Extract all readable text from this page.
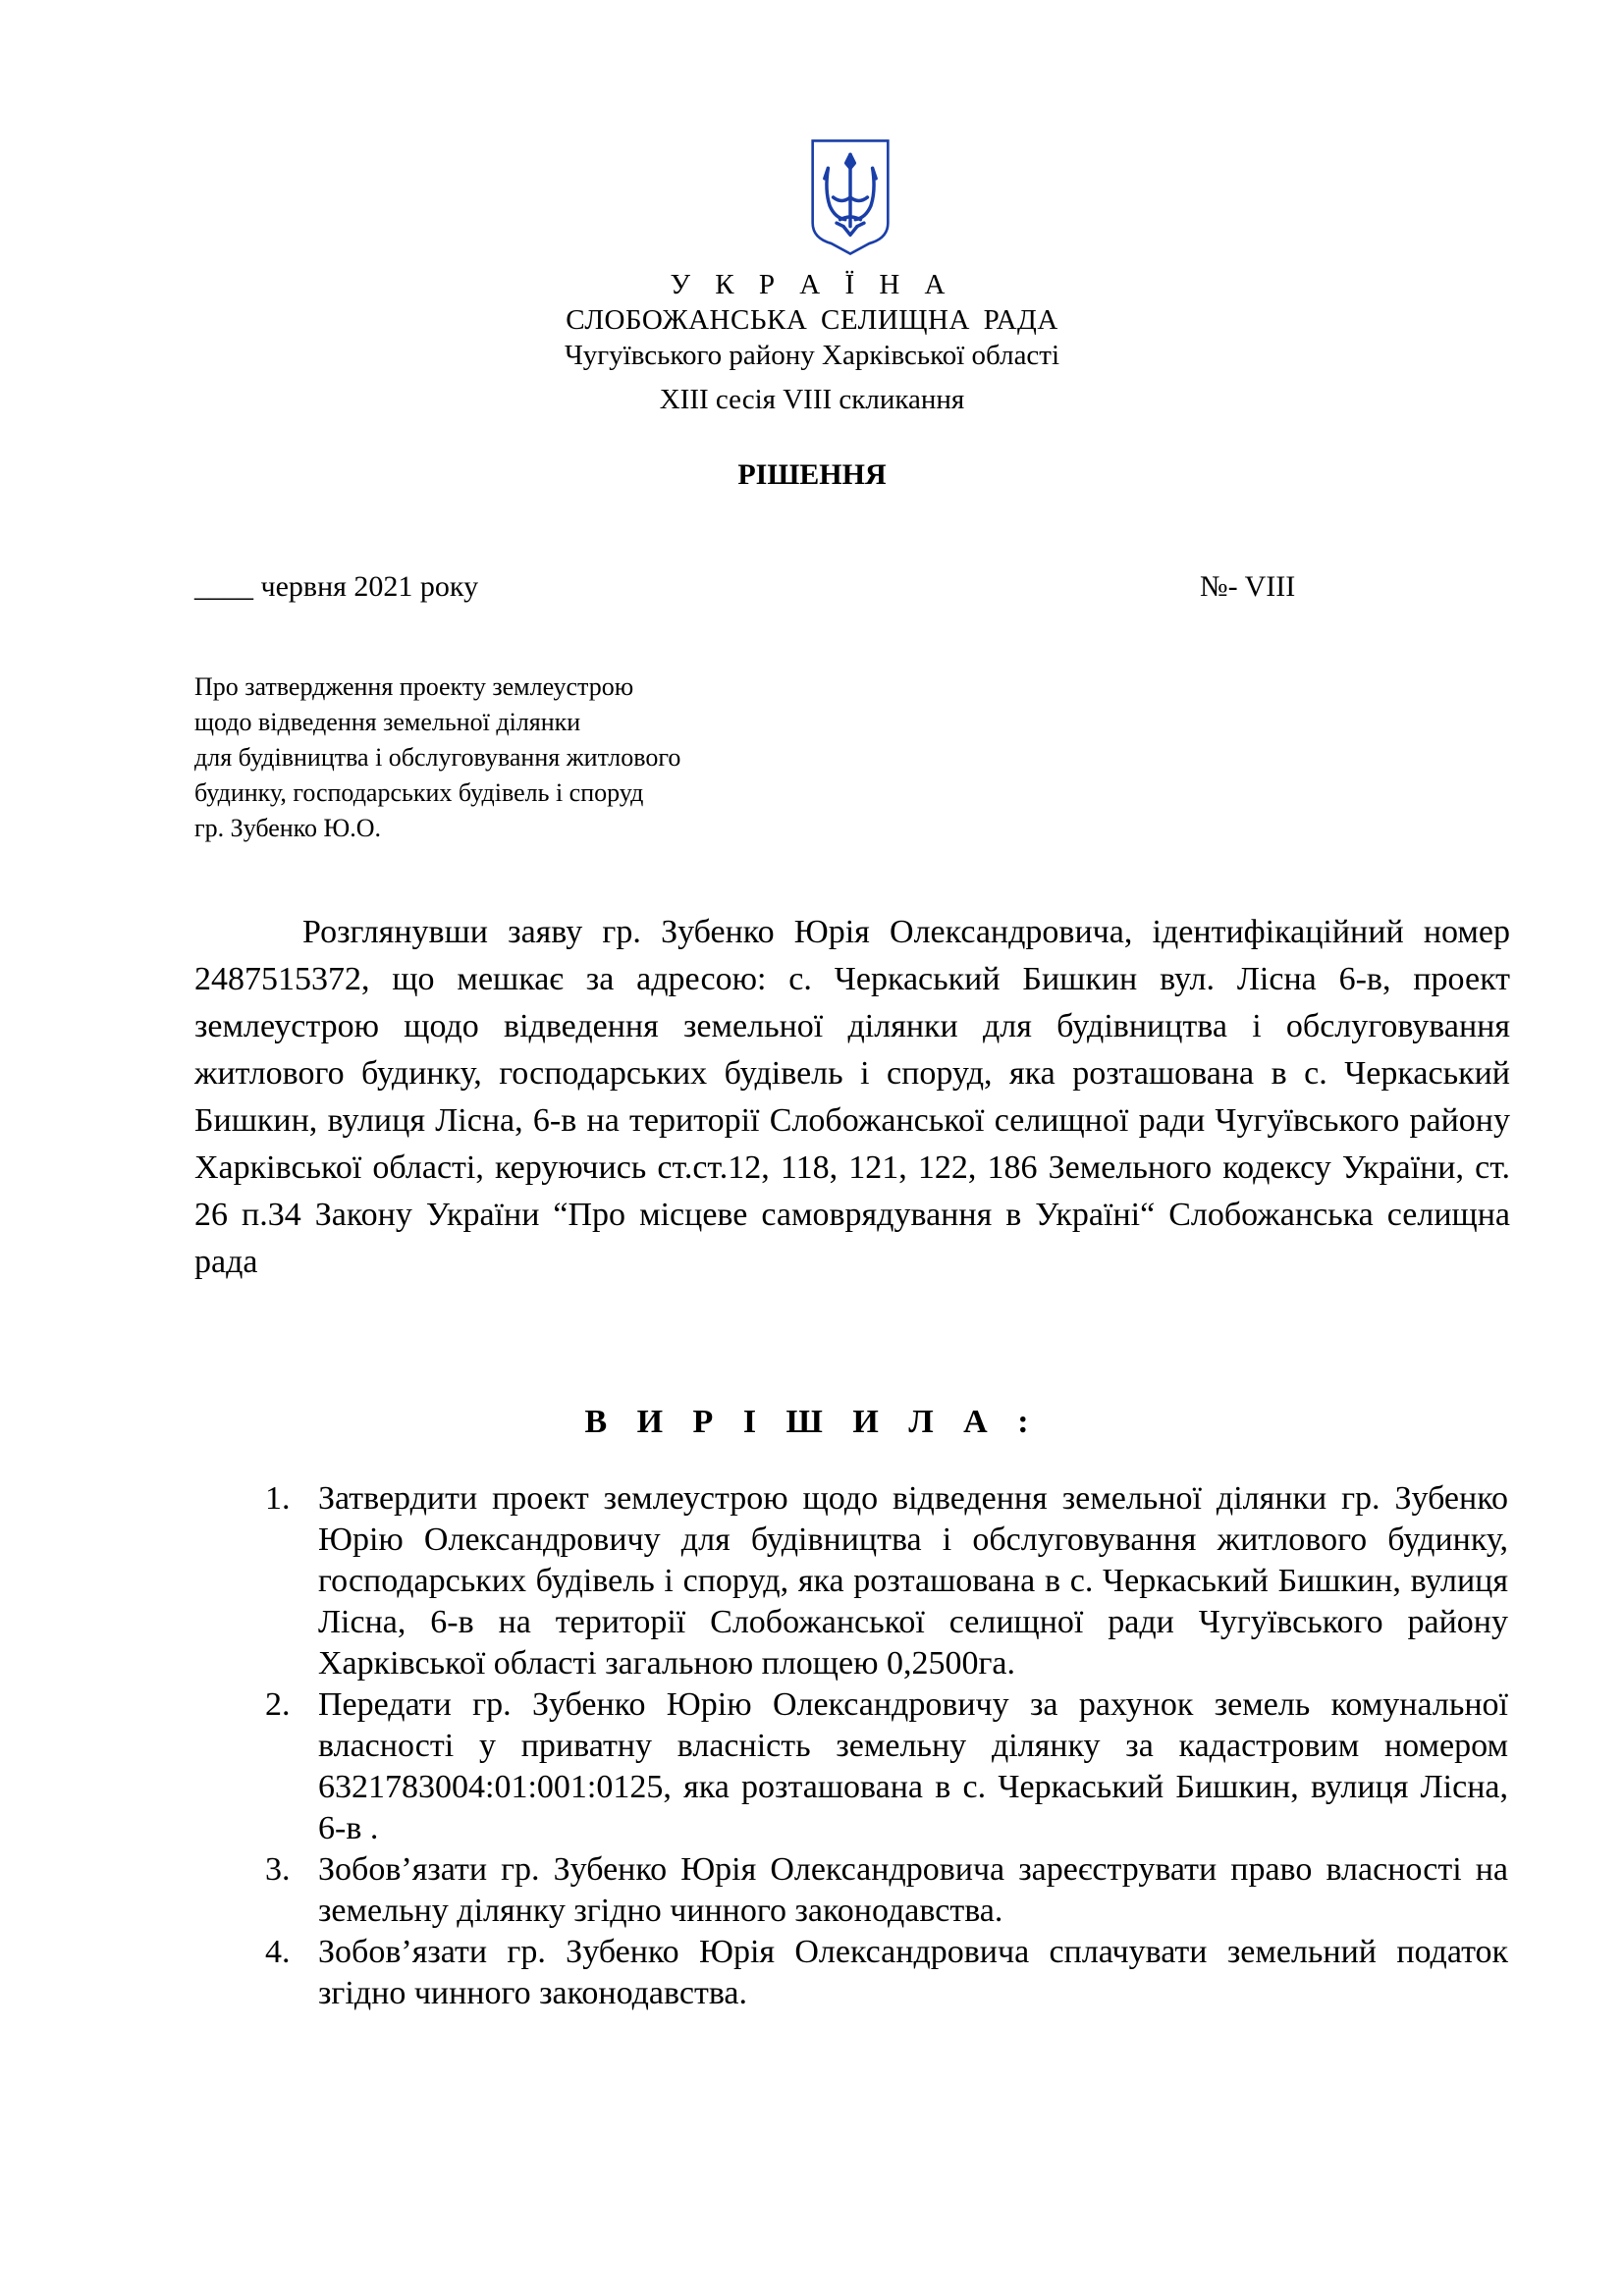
У К Р А Ї Н А
СЛОБОЖАНСЬКА СЕЛИЩНА РАДА
Чугуївського району Харківської області
XIII сесія VIII скликання
РІШЕННЯ
____ червня 2021 року	№- VIII
Про затвердження проекту землеустрою
щодо відведення земельної ділянки
для будівництва і обслуговування житлового
будинку, господарських будівель і споруд
гр. Зубенко Ю.О.

Розглянувши заяву гр. Зубенко Юрія Олександровича, ідентифікаційний номер 2487515372, що мешкає за адресою: с. Черкаський Бишкин вул. Лісна 6-в, проект землеустрою щодо відведення земельної ділянки для будівництва і обслуговування житлового будинку, господарських будівель і споруд, яка розташована в с. Черкаський Бишкин, вулиця Лісна, 6-в на території Слобожанської селищної ради Чугуївського району Харківської області, керуючись ст.ст.12, 118, 121, 122, 186 Земельного кодексу України, ст. 26 п.34 Закону України “Про місцеве самоврядування в Україні“ Слобожанська селищна рада

В И Р І Ш И Л А :
1. Затвердити проект землеустрою щодо відведення земельної ділянки гр. Зубенко Юрію Олександровичу для будівництва і обслуговування житлового будинку, господарських будівель і споруд, яка розташована в с. Черкаський Бишкин, вулиця Лісна, 6-в на території Слобожанської селищної ради Чугуївського району Харківської області загальною площею 0,2500га.
2. Передати гр. Зубенко Юрію Олександровичу за рахунок земель комунальної власності у приватну власність земельну ділянку за кадастровим номером 6321783004:01:001:0125, яка розташована в с. Черкаський Бишкин, вулиця Лісна, 6-в .
3. Зобов’язати гр. Зубенко Юрія Олександровича зареєструвати право власності на земельну ділянку згідно чинного законодавства.
4. Зобов’язати гр. Зубенко Юрія Олександровича сплачувати земельний податок згідно чинного законодавства.
